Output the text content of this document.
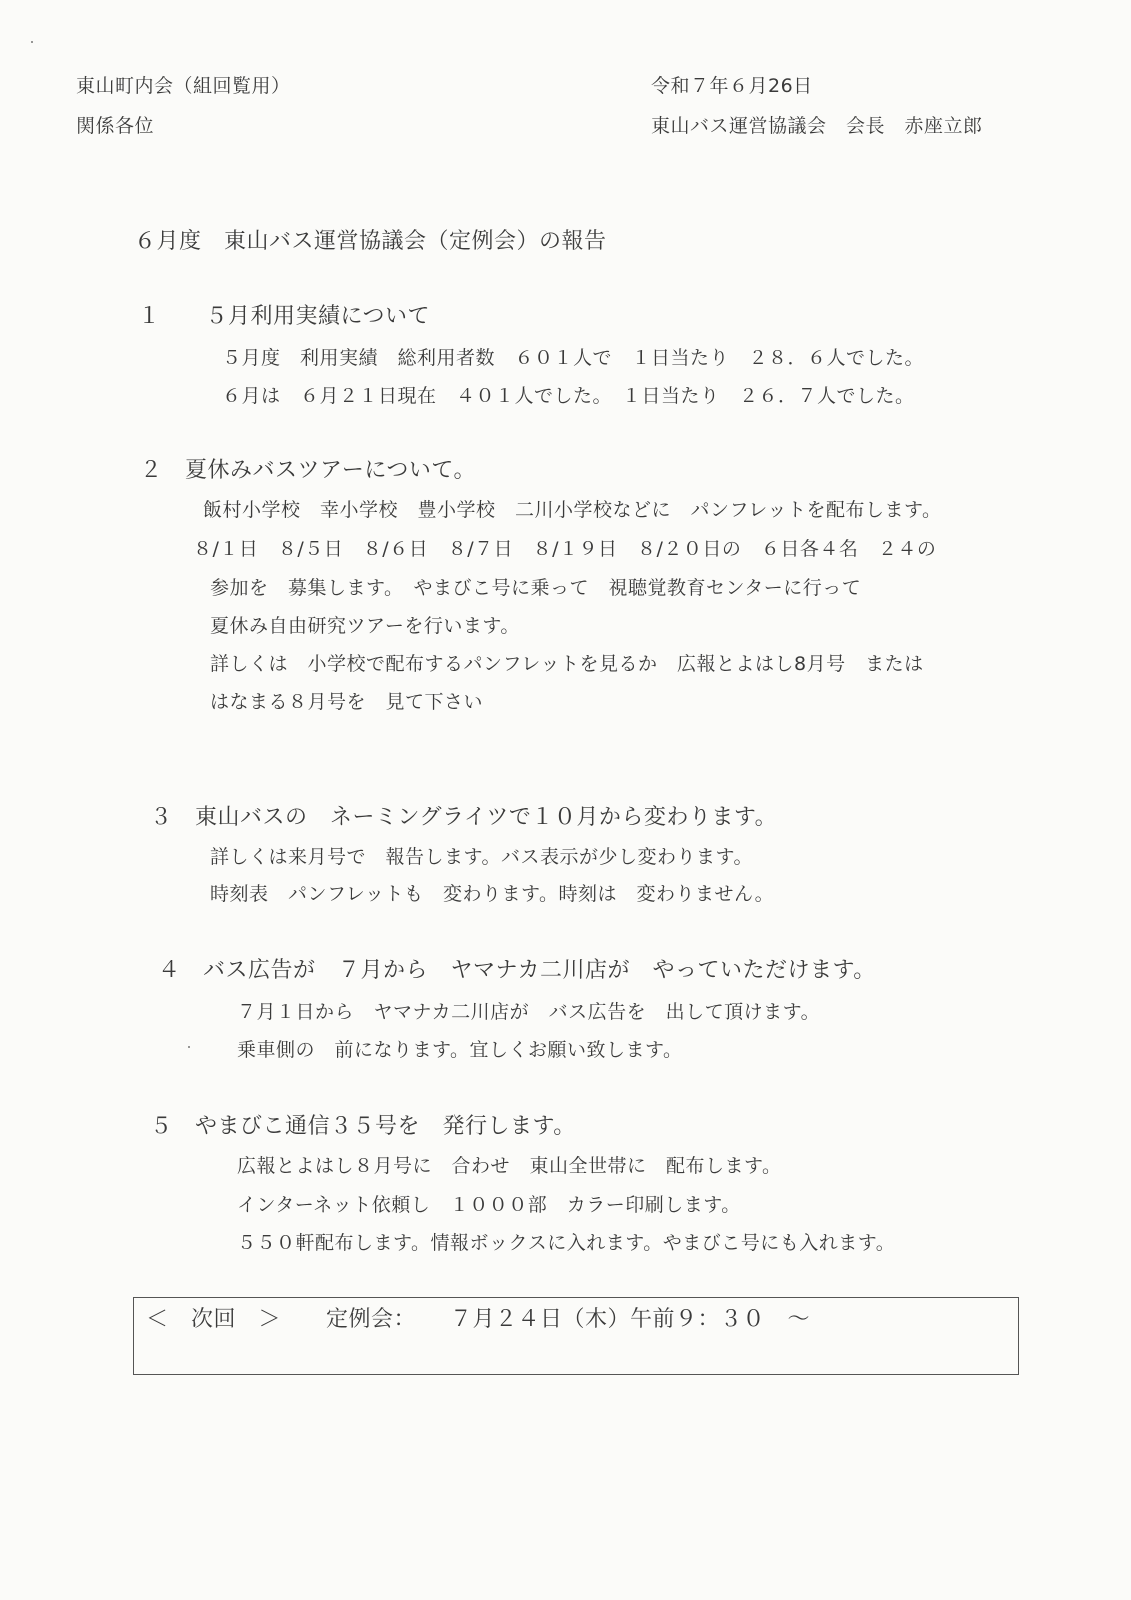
東山町内会（組回覧用）
関係各位
令和７年６月26日
東山バス運営協議会　会長　赤座立郎
６月度　東山バス運営協議会（定例会）の報告
１　　５月利用実績について
５月度　利用実績　総利用者数　６０１人で　１日当たり　２８．６人でした。
６月は　６月２１日現在　４０１人でした。　１日当たり　２６．７人でした。
２　夏休みバスツアーについて。
飯村小学校　幸小学校　豊小学校　二川小学校などに　パンフレットを配布します。
８/１日　８/５日　８/６日　８/７日　８/１９日　８/２０日の　６日各４名　２４の
参加を　募集します。　やまびこ号に乗って　視聴覚教育センターに行って
夏休み自由研究ツアーを行います。
詳しくは　小学校で配布するパンフレットを見るか　広報とよはし8月号　または
はなまる８月号を　見て下さい
３　東山バスの　ネーミングライツで１０月から変わります。
詳しくは来月号で　報告します。バス表示が少し変わります。
時刻表　パンフレットも　変わります。時刻は　変わりません。
４　バス広告が　７月から　ヤマナカ二川店が　やっていただけます。
７月１日から　ヤマナカ二川店が　バス広告を　出して頂けます。
乗車側の　前になります。宜しくお願い致します。
５　やまびこ通信３５号を　発行します。
広報とよはし８月号に　合わせ　東山全世帯に　配布します。
インターネット依頼し　１０００部　カラー印刷します。
５５０軒配布します。情報ボックスに入れます。やまびこ号にも入れます。
＜　次回　＞　　定例会：　　７月２４日（木）午前９：３０　～
